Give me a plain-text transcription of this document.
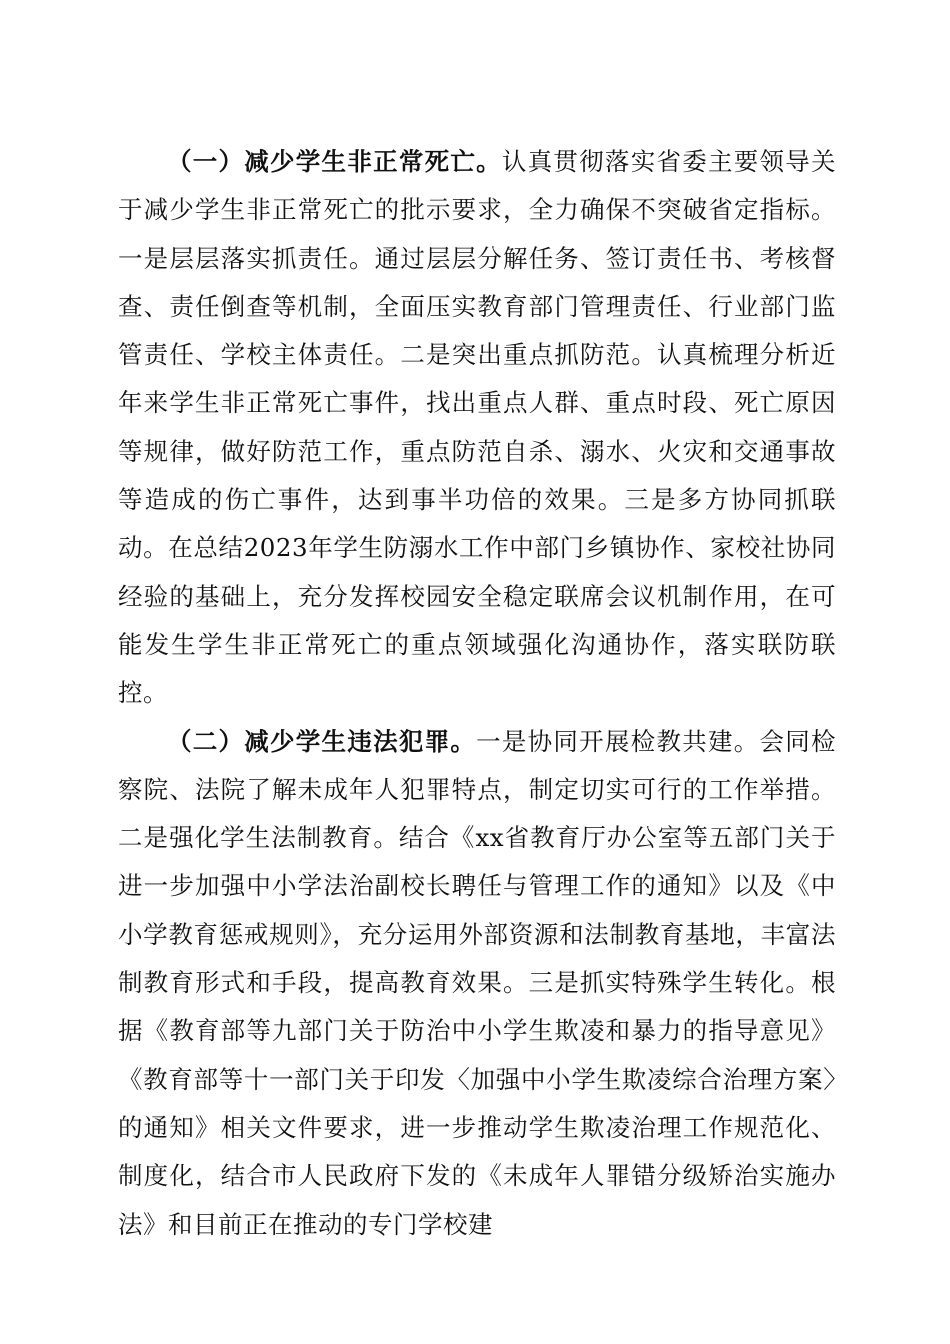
（一）减少学生非正常死亡。认真贯彻落实省委主要领导关于减少学生非正常死亡的批示要求，全力确保不突破省定指标。一是层层落实抓责任。通过层层分解任务、签订责任书、考核督查、责任倒查等机制，全面压实教育部门管理责任、行业部门监管责任、学校主体责任。二是突出重点抓防范。认真梳理分析近年来学生非正常死亡事件，找出重点人群、重点时段、死亡原因等规律，做好防范工作，重点防范自杀、溺水、火灾和交通事故等造成的伤亡事件，达到事半功倍的效果。三是多方协同抓联动。在总结2023年学生防溺水工作中部门乡镇协作、家校社协同经验的基础上，充分发挥校园安全稳定联席会议机制作用，在可能发生学生非正常死亡的重点领域强化沟通协作，落实联防联控。

（二）减少学生违法犯罪。一是协同开展检教共建。会同检察院、法院了解未成年人犯罪特点，制定切实可行的工作举措。二是强化学生法制教育。结合《xx省教育厅办公室等五部门关于进一步加强中小学法治副校长聘任与管理工作的通知》以及《中小学教育惩戒规则》，充分运用外部资源和法制教育基地，丰富法制教育形式和手段，提高教育效果。三是抓实特殊学生转化。根据《教育部等九部门关于防治中小学生欺凌和暴力的指导意见》《教育部等十一部门关于印发〈加强中小学生欺凌综合治理方案〉的通知》相关文件要求，进一步推动学生欺凌治理工作规范化、制度化，结合市人民政府下发的《未成年人罪错分级矫治实施办法》和目前正在推动的专门学校建
